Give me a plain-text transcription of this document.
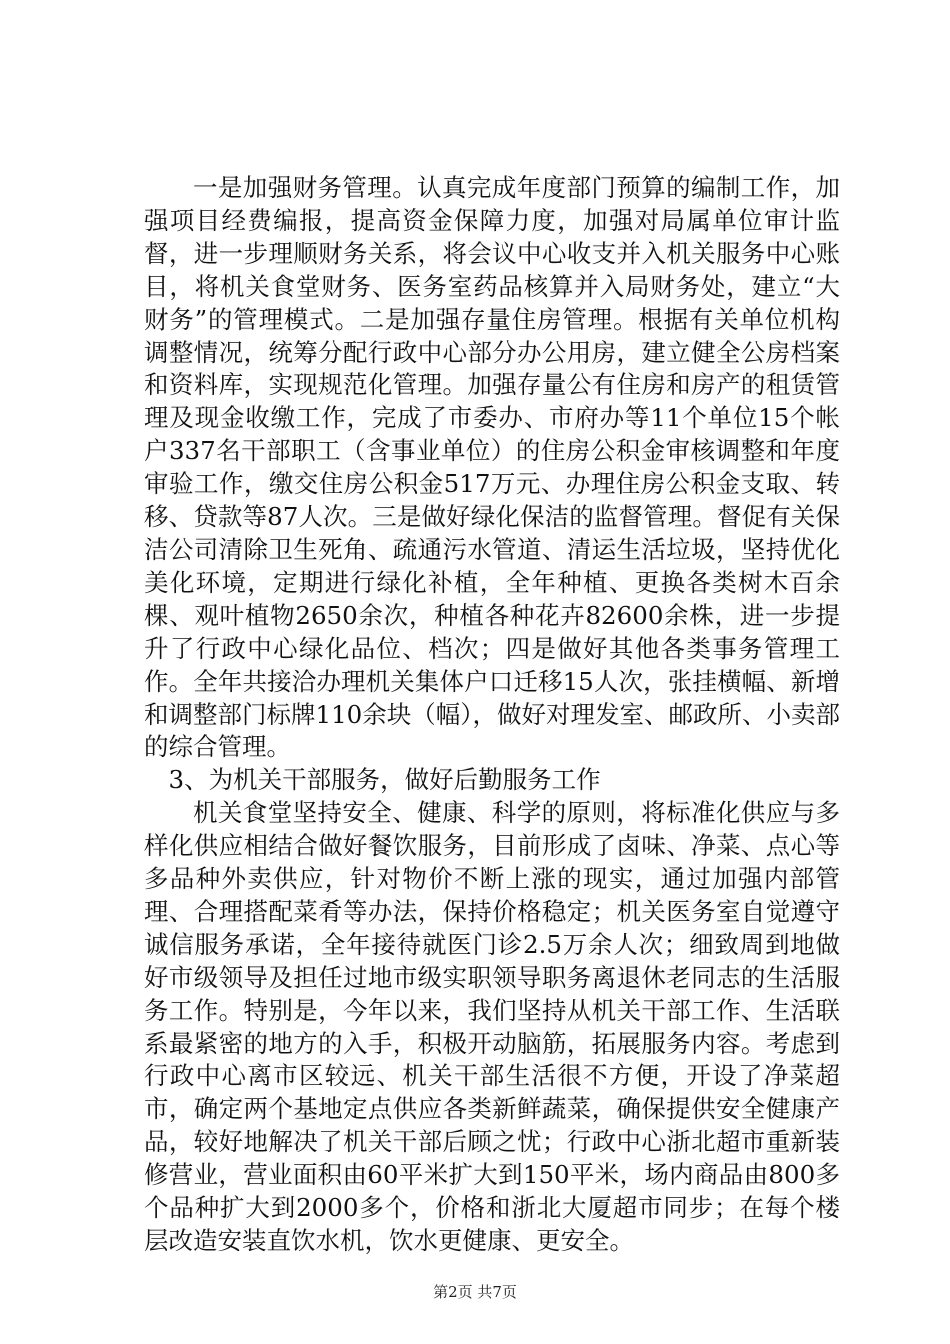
一是加强财务管理。认真完成年度部门预算的编制工作，加强项目经费编报，提高资金保障力度，加强对局属单位审计监督，进一步理顺财务关系，将会议中心收支并入机关服务中心账目，将机关食堂财务、医务室药品核算并入局财务处，建立“大财务”的管理模式。二是加强存量住房管理。根据有关单位机构调整情况，统筹分配行政中心部分办公用房，建立健全公房档案和资料库，实现规范化管理。加强存量公有住房和房产的租赁管理及现金收缴工作，完成了市委办、市府办等11个单位15个帐户337名干部职工（含事业单位）的住房公积金审核调整和年度审验工作，缴交住房公积金517万元、办理住房公积金支取、转移、贷款等87人次。三是做好绿化保洁的监督管理。督促有关保洁公司清除卫生死角、疏通污水管道、清运生活垃圾，坚持优化美化环境，定期进行绿化补植，全年种植、更换各类树木百余棵、观叶植物2650余次，种植各种花卉82600余株，进一步提升了行政中心绿化品位、档次；四是做好其他各类事务管理工作。全年共接洽办理机关集体户口迁移15人次，张挂横幅、新增和调整部门标牌110余块（幅），做好对理发室、邮政所、小卖部的综合管理。

3、为机关干部服务，做好后勤服务工作

机关食堂坚持安全、健康、科学的原则，将标准化供应与多样化供应相结合做好餐饮服务，目前形成了卤味、净菜、点心等多品种外卖供应，针对物价不断上涨的现实，通过加强内部管理、合理搭配菜肴等办法，保持价格稳定；机关医务室自觉遵守诚信服务承诺，全年接待就医门诊2.5万余人次；细致周到地做好市级领导及担任过地市级实职领导职务离退休老同志的生活服务工作。特别是，今年以来，我们坚持从机关干部工作、生活联系最紧密的地方的入手，积极开动脑筋，拓展服务内容。考虑到行政中心离市区较远、机关干部生活很不方便，开设了净菜超市，确定两个基地定点供应各类新鲜蔬菜，确保提供安全健康产品，较好地解决了机关干部后顾之忧；行政中心浙北超市重新装修营业，营业面积由60平米扩大到150平米，场内商品由800多个品种扩大到2000多个，价格和浙北大厦超市同步；在每个楼层改造安装直饮水机，饮水更健康、更安全。

第2页 共7页
